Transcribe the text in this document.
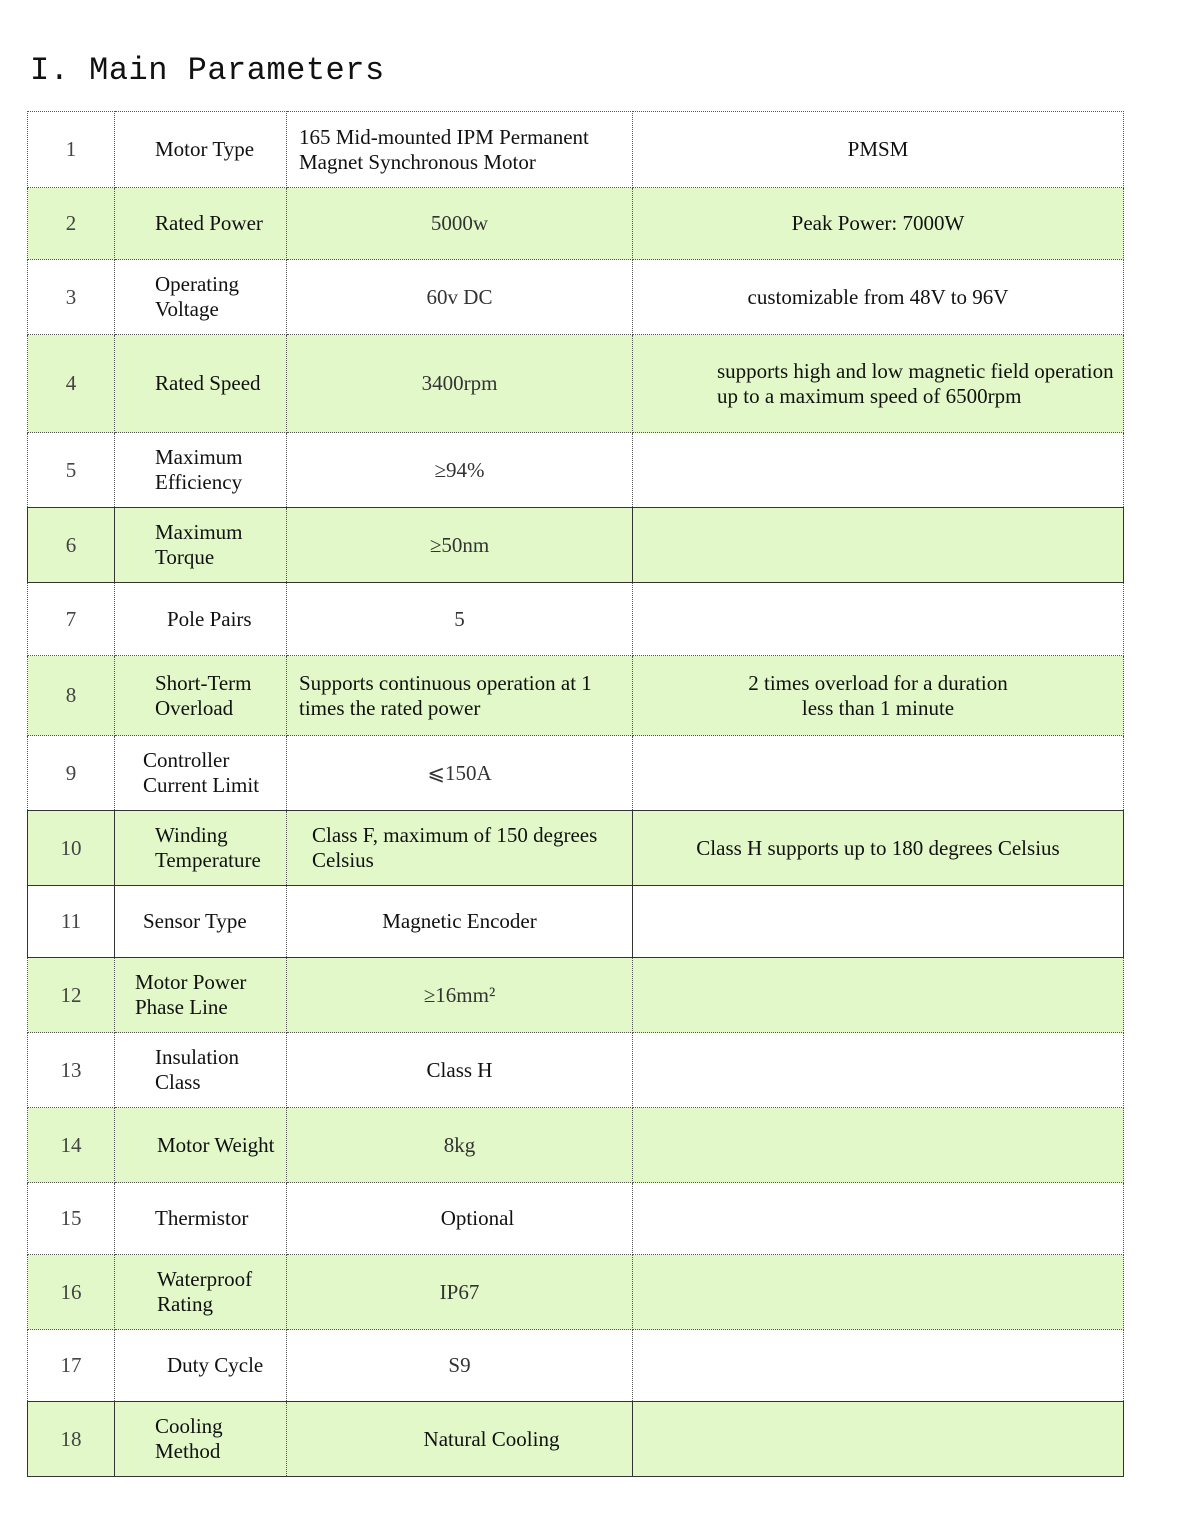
I. Main Parameters
1	Motor Type	165 Mid-mounted IPM Permanent Magnet Synchronous Motor	PMSM
2	Rated Power	5000w	Peak Power: 7000W
3	Operating Voltage	60v DC	customizable from 48V to 96V
4	Rated Speed	3400rpm	supports high and low magnetic field operation up to a maximum speed of 6500rpm
5	Maximum Efficiency	≥94%	
6	Maximum Torque	≥50nm	
7	Pole Pairs	5	
8	Short-Term Overload	Supports continuous operation at 1 times the rated power	2 times overload for a duration less than 1 minute
9	Controller Current Limit	⩽150A	
10	Winding Temperature	Class F, maximum of 150 degrees Celsius	Class H supports up to 180 degrees Celsius
11	Sensor Type	Magnetic Encoder	
12	Motor Power Phase Line	≥16mm²	
13	Insulation Class	Class H	
14	Motor Weight	8kg	
15	Thermistor	Optional	
16	Waterproof Rating	IP67	
17	Duty Cycle	S9	
18	Cooling Method	Natural Cooling	
